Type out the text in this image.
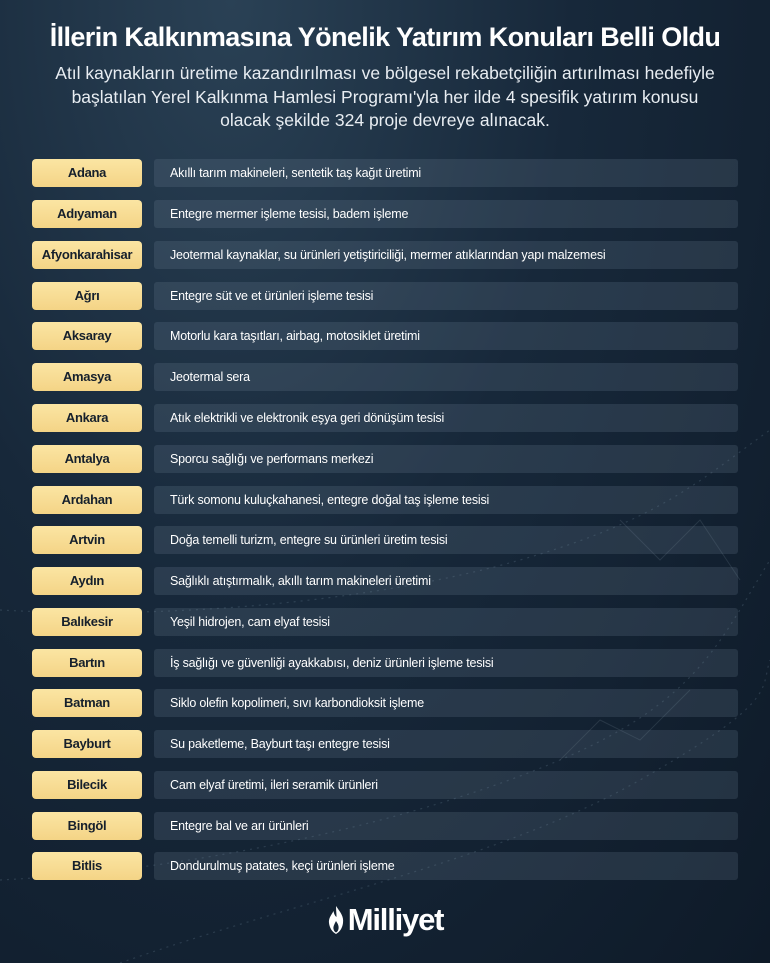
İllerin Kalkınmasına Yönelik Yatırım Konuları Belli Oldu
Atıl kaynakların üretime kazandırılması ve bölgesel rekabetçiliğin artırılması hedefiyle başlatılan Yerel Kalkınma Hamlesi Programı'yla her ilde 4 spesifik yatırım konusu olacak şekilde 324 proje devreye alınacak.
Adana	Akıllı tarım makineleri, sentetik taş kağıt üretimi
Adıyaman	Entegre mermer işleme tesisi, badem işleme
Afyonkarahisar	Jeotermal kaynaklar, su ürünleri yetiştiriciliği, mermer atıklarından yapı malzemesi
Ağrı	Entegre süt ve et ürünleri işleme tesisi
Aksaray	Motorlu kara taşıtları, airbag, motosiklet üretimi
Amasya	Jeotermal sera
Ankara	Atık elektrikli ve elektronik eşya geri dönüşüm tesisi
Antalya	Sporcu sağlığı ve performans merkezi
Ardahan	Türk somonu kuluçkahanesi, entegre doğal taş işleme tesisi
Artvin	Doğa temelli turizm, entegre su ürünleri üretim tesisi
Aydın	Sağlıklı atıştırmalık, akıllı tarım makineleri üretimi
Balıkesir	Yeşil hidrojen, cam elyaf tesisi
Bartın	İş sağlığı ve güvenliği ayakkabısı, deniz ürünleri işleme tesisi
Batman	Siklo olefin kopolimeri, sıvı karbondioksit işleme
Bayburt	Su paketleme, Bayburt taşı entegre tesisi
Bilecik	Cam elyaf üretimi, ileri seramik ürünleri
Bingöl	Entegre bal ve arı ürünleri
Bitlis	Dondurulmuş patates, keçi ürünleri işleme
Milliyet
